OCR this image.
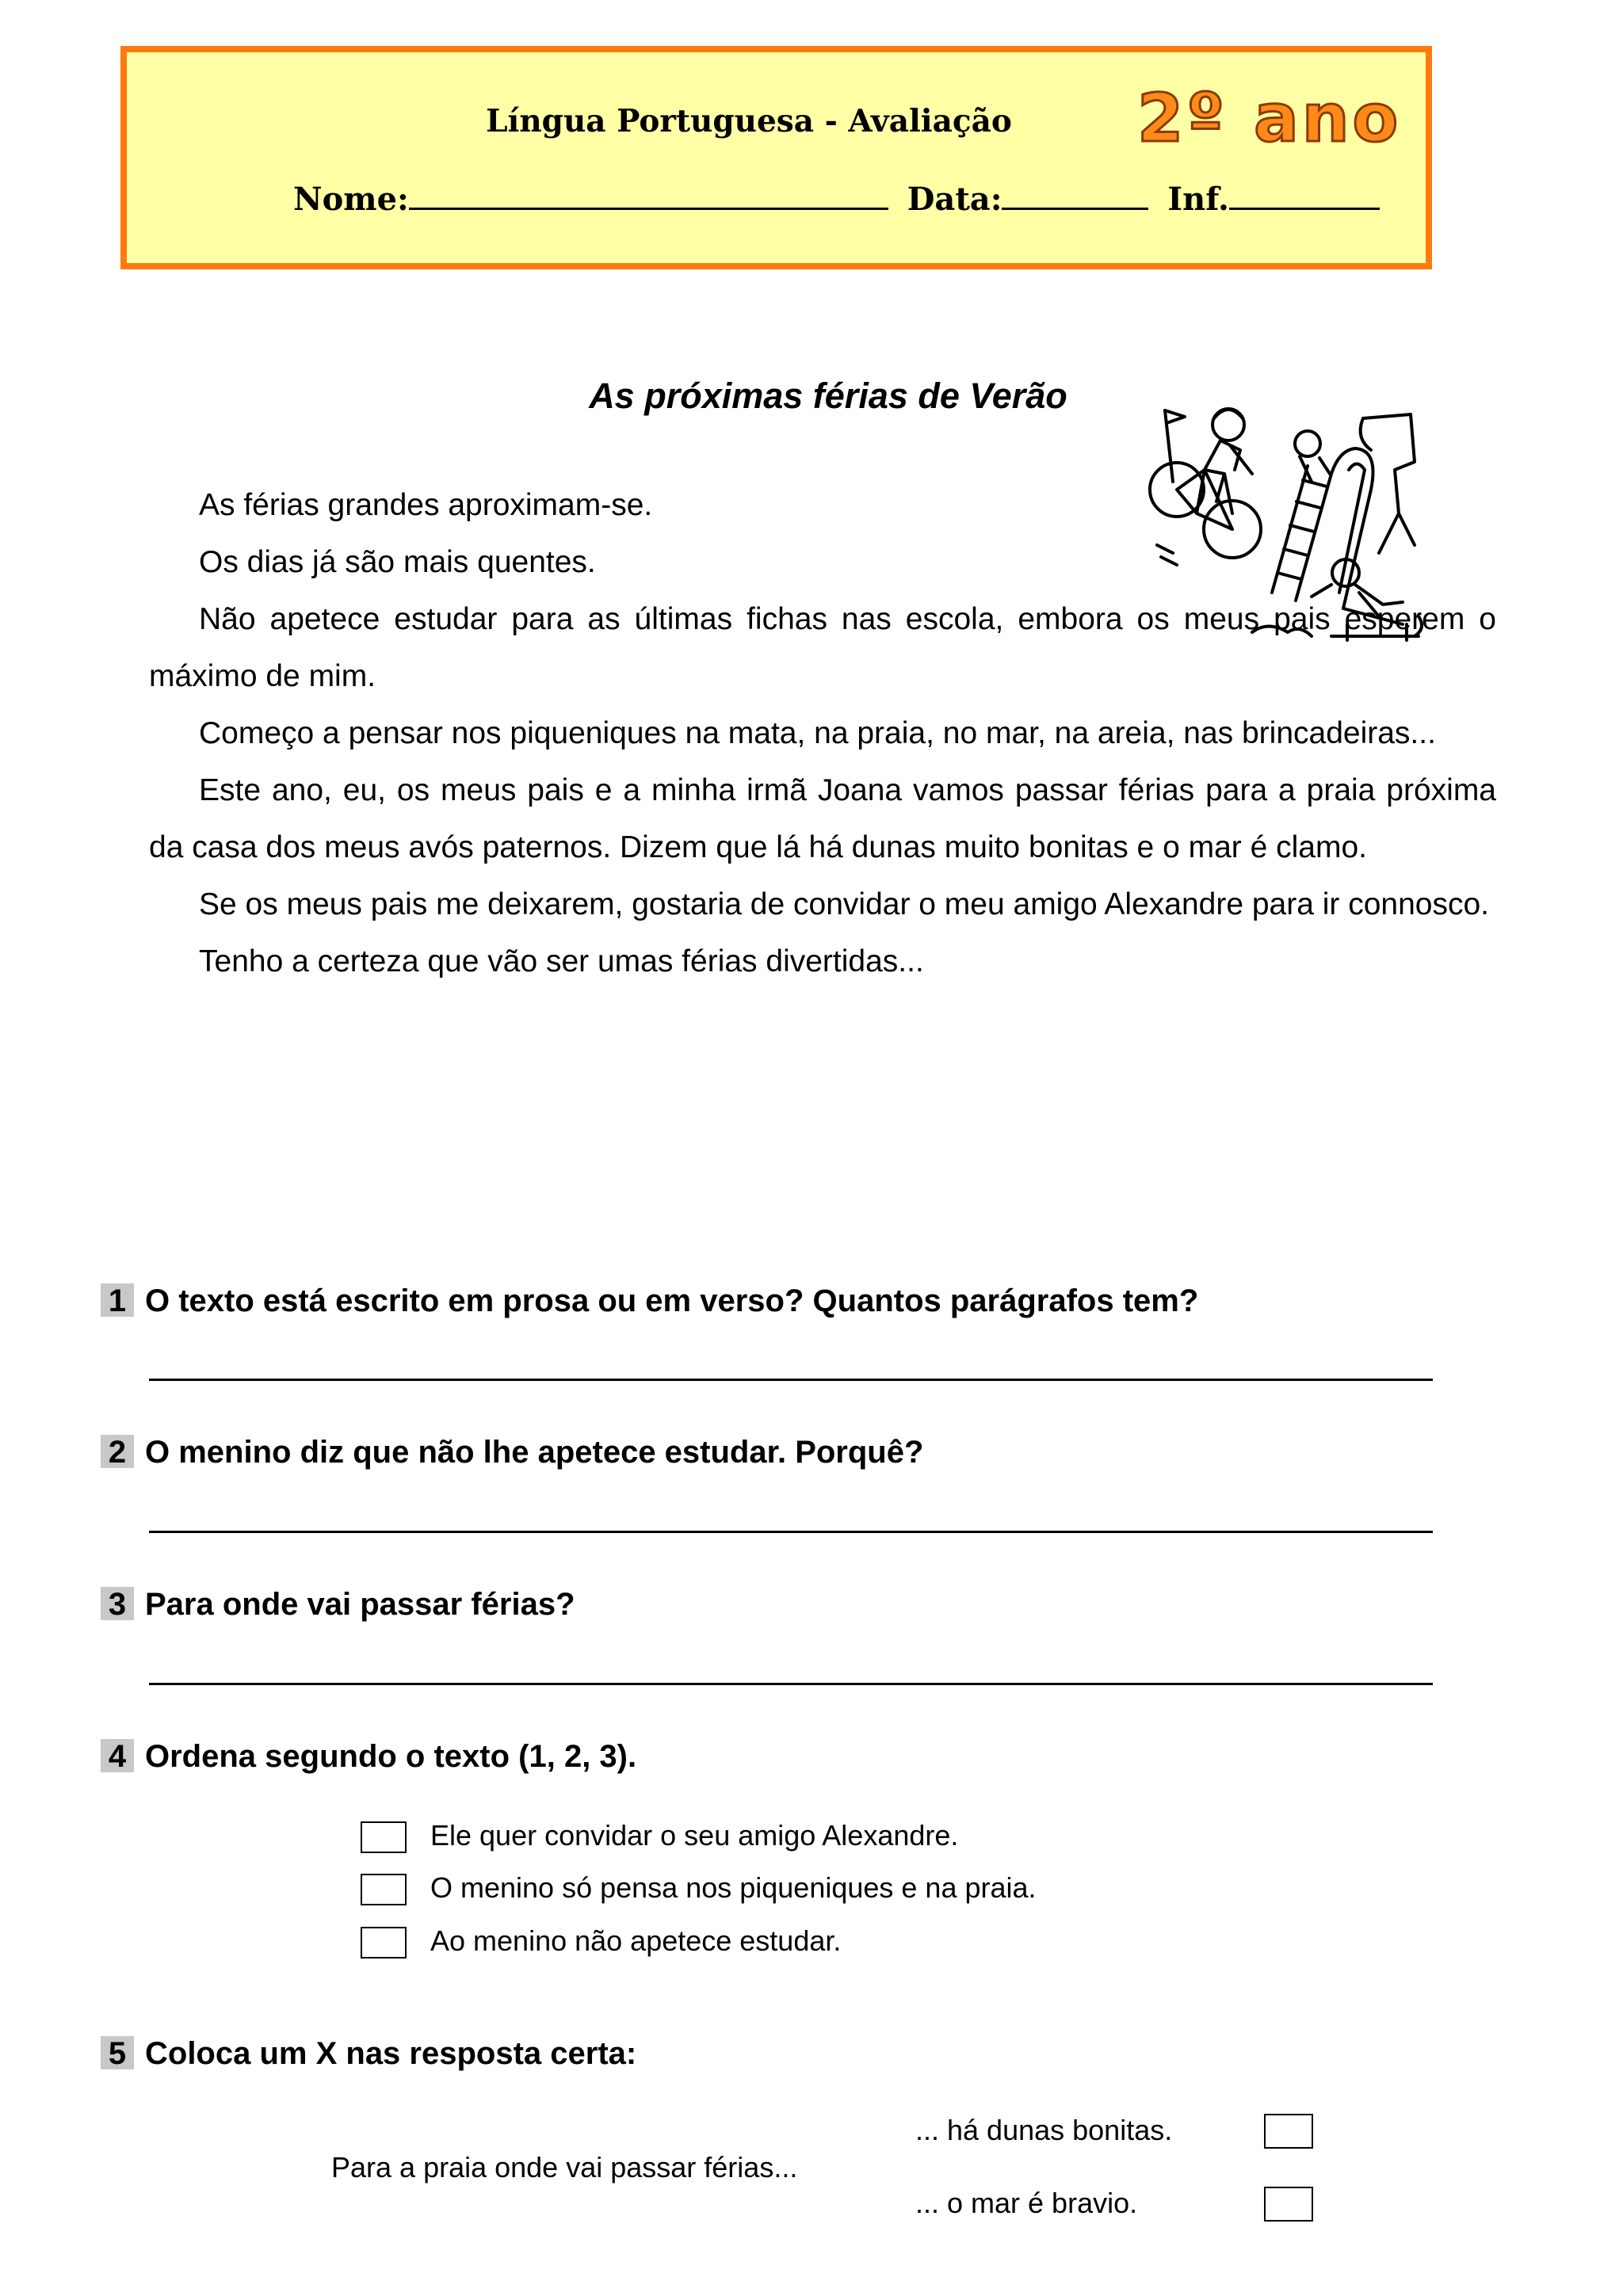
Língua Portuguesa - Avaliação	2º ano
Nome:	Data:	Inf.
As próximas férias de Verão

As férias grandes aproximam-se.

Os dias já são mais quentes.

Não apetece estudar para as últimas fichas nas escola, embora os meus pais esperem o máximo de mim.

Começo a pensar nos piqueniques na mata, na praia, no mar, na areia, nas brincadeiras...

Este ano, eu, os meus pais e a minha irmã Joana vamos passar férias para a praia próxima da casa dos meus avós paternos. Dizem que lá há dunas muito bonitas e o mar é clamo.

Se os meus pais me deixarem, gostaria de convidar o meu amigo Alexandre para ir connosco.

Tenho a certeza que vão ser umas férias divertidas...

1 O texto está escrito em prosa ou em verso? Quantos parágrafos tem?
2 O menino diz que não lhe apetece estudar. Porquê?
3 Para onde vai passar férias?
4 Ordena segundo o texto (1, 2, 3).
Ele quer convidar o seu amigo Alexandre.
O menino só pensa nos piqueniques e na praia.
Ao menino não apetece estudar.
5 Coloca um X nas resposta certa:
Para a praia onde vai passar férias...
... há dunas bonitas.
... o mar é bravio.
